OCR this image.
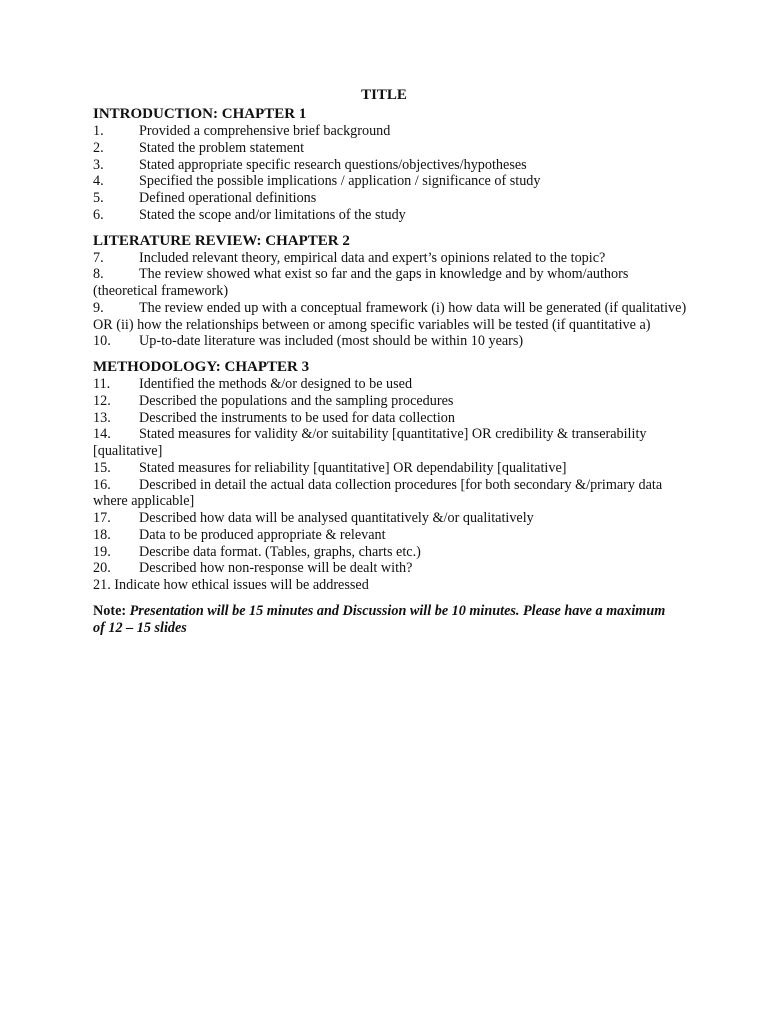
TITLE
INTRODUCTION: CHAPTER 1
1. Provided a comprehensive brief background
2. Stated the problem statement
3. Stated appropriate specific research questions/objectives/hypotheses
4. Specified the possible implications / application / significance of study
5. Defined operational definitions
6. Stated the scope and/or limitations of the study
LITERATURE REVIEW: CHAPTER 2
7. Included relevant theory, empirical data and expert’s opinions related to the topic?
8. The review showed what exist so far and the gaps in knowledge and by whom/authors (theoretical framework)
9. The review ended up with a conceptual framework (i) how data will be generated (if qualitative) OR (ii) how the relationships between or among specific variables will be tested (if quantitative a)
10. Up-to-date literature was included (most should be within 10 years)
METHODOLOGY: CHAPTER 3
11. Identified the methods &/or designed to be used
12. Described the populations and the sampling procedures
13. Described the instruments to be used for data collection
14. Stated measures for validity &/or suitability [quantitative] OR credibility & transerability [qualitative]
15. Stated measures for reliability [quantitative] OR dependability [qualitative]
16. Described in detail the actual data collection procedures [for both secondary &/primary data where applicable]
17. Described how data will be analysed quantitatively &/or qualitatively
18. Data to be produced appropriate & relevant
19. Describe data format. (Tables, graphs, charts etc.)
20. Described how non-response will be dealt with?
21. Indicate how ethical issues will be addressed
Note: Presentation will be 15 minutes and Discussion will be 10 minutes. Please have a maximum of 12 – 15 slides
